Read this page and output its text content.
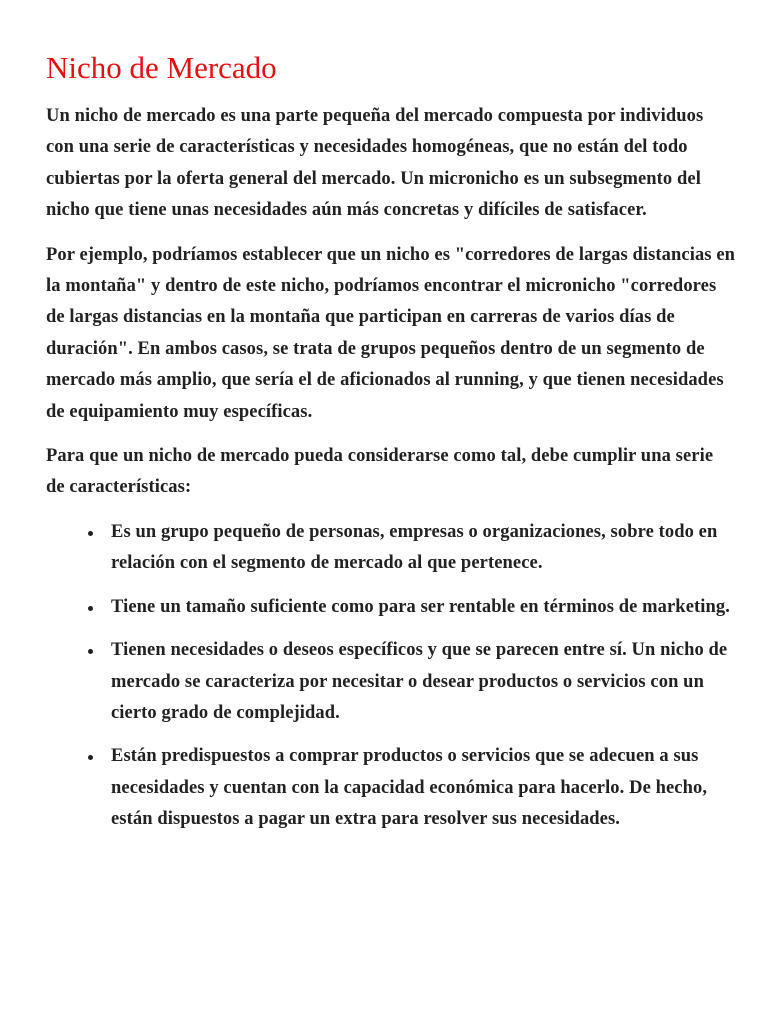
Nicho de Mercado

Un nicho de mercado es una parte pequeña del mercado compuesta por individuos con una serie de características y necesidades homogéneas, que no están del todo cubiertas por la oferta general del mercado. Un micronicho es un subsegmento del nicho que tiene unas necesidades aún más concretas y difíciles de satisfacer.

Por ejemplo, podríamos establecer que un nicho es "corredores de largas distancias en la montaña" y dentro de este nicho, podríamos encontrar el micronicho "corredores de largas distancias en la montaña que participan en carreras de varios días de duración". En ambos casos, se trata de grupos pequeños dentro de un segmento de mercado más amplio, que sería el de aficionados al running, y que tienen necesidades de equipamiento muy específicas.

Para que un nicho de mercado pueda considerarse como tal, debe cumplir una serie de características:

Es un grupo pequeño de personas, empresas o organizaciones, sobre todo en relación con el segmento de mercado al que pertenece.
Tiene un tamaño suficiente como para ser rentable en términos de marketing.
Tienen necesidades o deseos específicos y que se parecen entre sí. Un nicho de mercado se caracteriza por necesitar o desear productos o servicios con un cierto grado de complejidad.
Están predispuestos a comprar productos o servicios que se adecuen a sus necesidades y cuentan con la capacidad económica para hacerlo. De hecho, están dispuestos a pagar un extra para resolver sus necesidades.
